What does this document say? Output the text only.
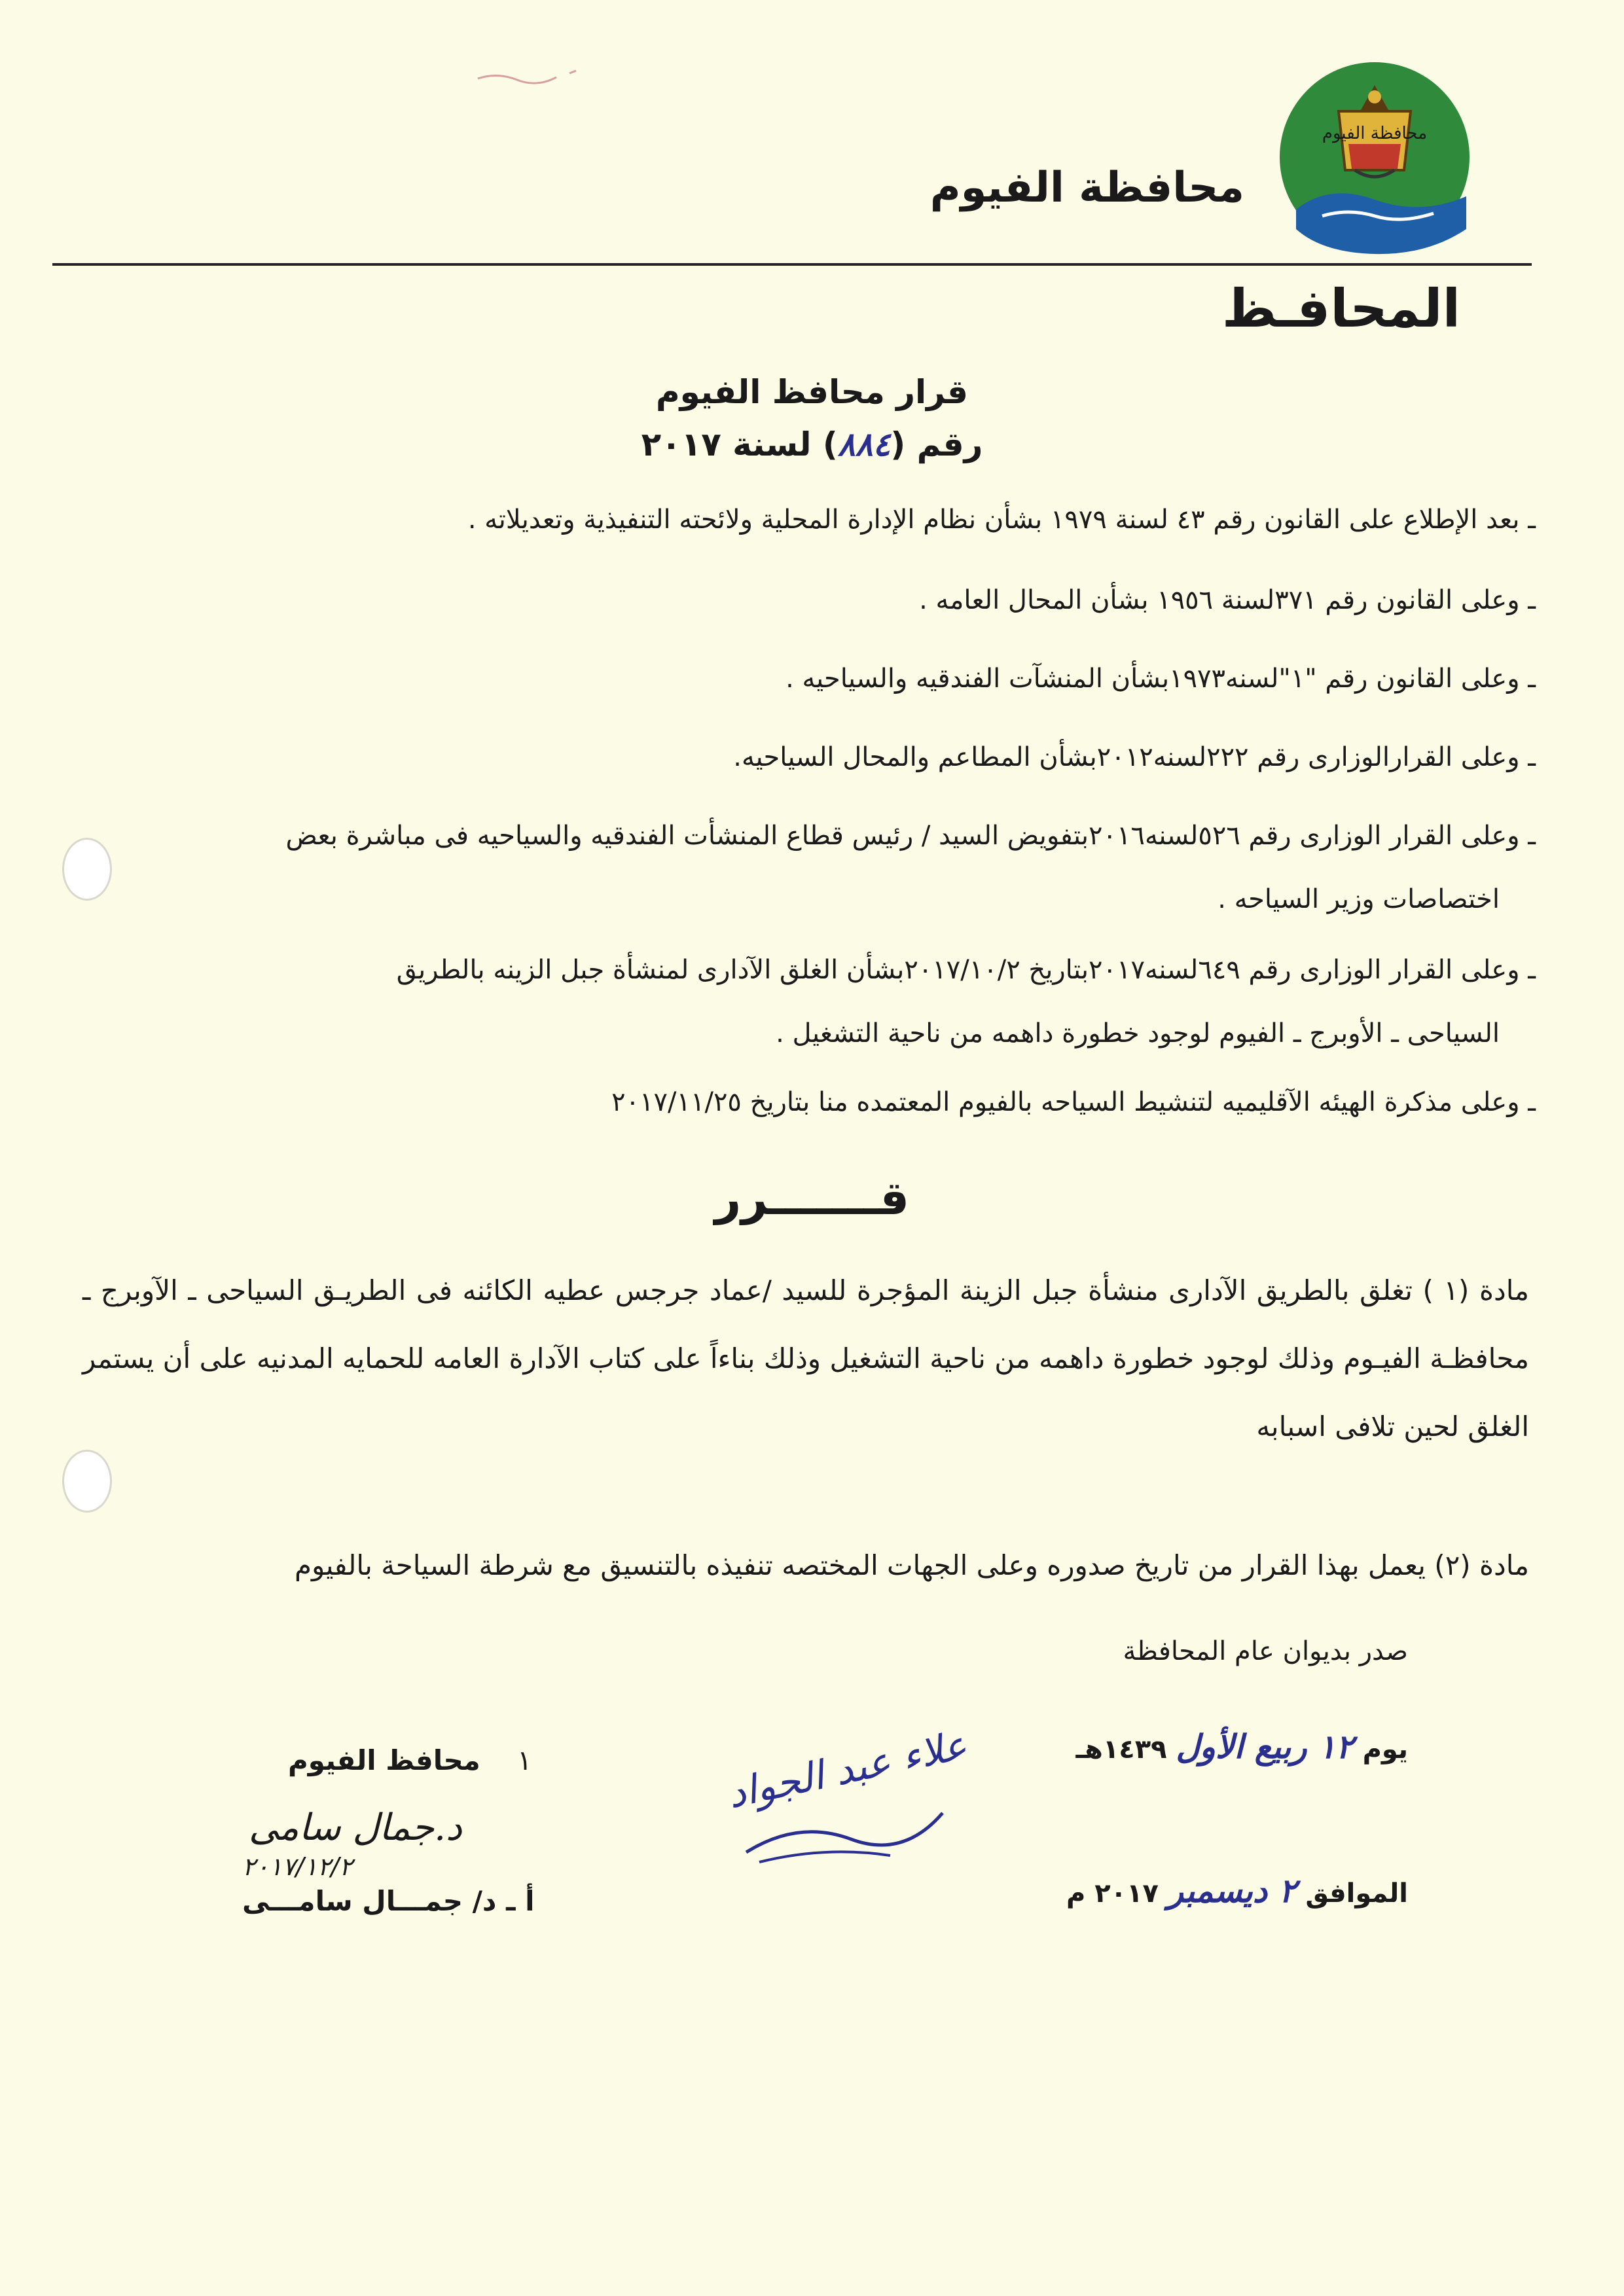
محافظة الفيوم
محافظة الفيوم
المحافـظ
قرار محافظ الفيوم
رقم (٨٨٤) لسنة ٢٠١٧
ـ بعد الإطلاع على القانون رقم ٤٣ لسنة ١٩٧٩ بشأن نظام الإدارة المحلية ولائحته التنفيذية وتعديلاته .
ـ وعلى القانون رقم ٣٧١لسنة ١٩٥٦ بشأن المحال العامه .
ـ وعلى القانون رقم "١"لسنه١٩٧٣بشأن المنشآت الفندقيه والسياحيه .
ـ وعلى القرارالوزارى رقم ٢٢٢لسنه٢٠١٢بشأن المطاعم والمحال السياحيه.
ـ وعلى القرار الوزارى رقم ٥٢٦لسنه٢٠١٦بتفويض السيد / رئيس قطاع المنشأت الفندقيه والسياحيه فى مباشرة بعض
اختصاصات وزير السياحه .
ـ وعلى القرار الوزارى رقم ٦٤٩لسنه٢٠١٧بتاريخ ٢٠١٧/١٠/٢بشأن الغلق الآدارى لمنشأة جبل الزينه بالطريق
السياحى ـ الأوبرج ـ الفيوم لوجود خطورة داهمه من ناحية التشغيل .
ـ وعلى مذكرة الهيئه الآقليميه لتنشيط السياحه بالفيوم المعتمده منا بتاريخ ٢٠١٧/١١/٢٥
قـــــــرر
مادة (١ ) تغلق بالطريق الآدارى منشأة جبل الزينة المؤجرة للسيد /عماد جرجس عطيه الكائنه فى الطريـق السياحى ـ الآوبرج ـ محافظـة الفيـوم وذلك لوجود خطورة داهمه من ناحية التشغيل وذلك بناءاً على كتاب الآدارة العامه للحمايه المدنيه على أن يستمر الغلق لحين تلافى اسبابه
مادة (٢) يعمل بهذا القرار من تاريخ صدوره وعلى الجهات المختصه تنفيذه بالتنسيق مع شرطة السياحة بالفيوم
صدر بديوان عام المحافظة
يوم ١٢ ربيع الأول ١٤٣٩هـ
الموافق ٢ ديسمبر ٢٠١٧ م
علاء عبد الجواد
١
محافظ الفيوم
د.جمال سامى
٢٠١٧/١٢/٢
أ ـ د/ جمـــال سامـــى
